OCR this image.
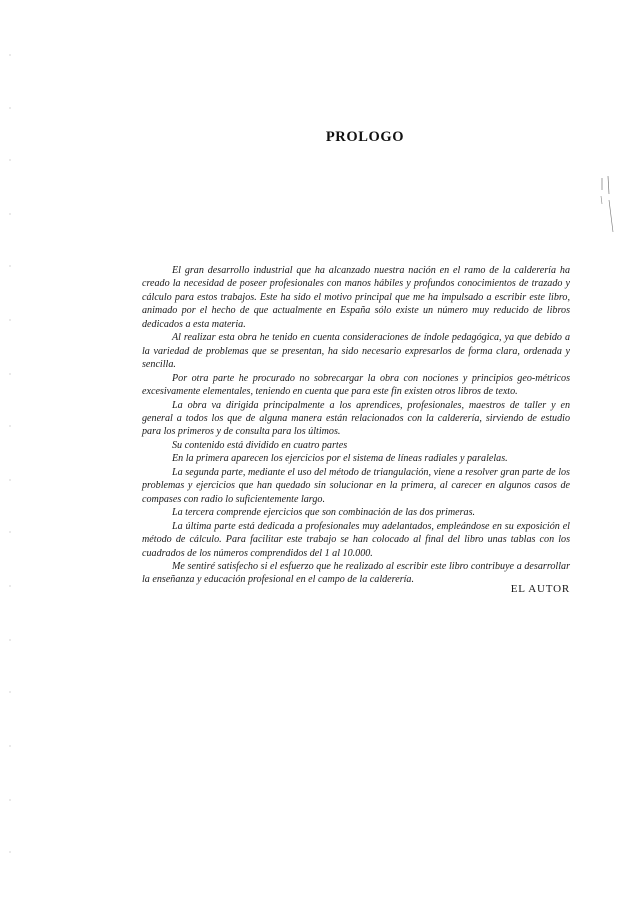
PROLOGO

El gran desarrollo industrial que ha alcanzado nuestra nación en el ramo de la calderería ha creado la necesidad de poseer profesionales con manos hábiles y profundos conocimientos de trazado y cálculo para estos trabajos. Este ha sido el motivo principal que me ha impulsado a escribir este libro, animado por el hecho de que actualmente en España sólo existe un número muy reducido de libros dedicados a esta materia.

Al realizar esta obra he tenido en cuenta consideraciones de índole pedagógica, ya que debido a la variedad de problemas que se presentan, ha sido necesario expresarlos de forma clara, ordenada y sencilla.

Por otra parte he procurado no sobrecargar la obra con nociones y principios geo-métricos excesivamente elementales, teniendo en cuenta que para este fin existen otros libros de texto.

La obra va dirigida principalmente a los aprendices, profesionales, maestros de taller y en general a todos los que de alguna manera están relacionados con la calderería, sirviendo de estudio para los primeros y de consulta para los últimos.

Su contenido está dividido en cuatro partes

En la primera aparecen los ejercicios por el sistema de líneas radiales y paralelas.

La segunda parte, mediante el uso del método de triangulación, viene a resolver gran parte de los problemas y ejercicios que han quedado sin solucionar en la primera, al carecer en algunos casos de compases con radio lo suficientemente largo.

La tercera comprende ejercicios que son combinación de las dos primeras.

La última parte está dedicada a profesionales muy adelantados, empleándose en su exposición el método de cálculo. Para facilitar este trabajo se han colocado al final del libro unas tablas con los cuadrados de los números comprendidos del 1 al 10.000.

Me sentiré satisfecho si el esfuerzo que he realizado al escribir este libro contribuye a desarrollar la enseñanza y educación profesional en el campo de la calderería.

EL AUTOR
